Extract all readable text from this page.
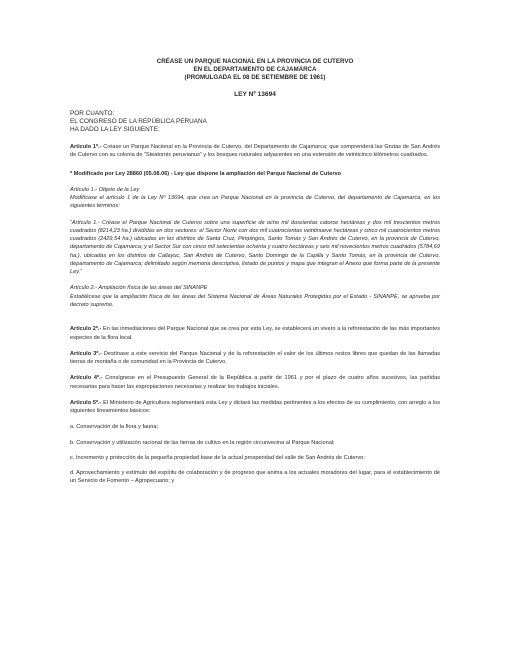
CRÉASE UN PARQUE NACIONAL EN LA PROVINCIA DE CUTERVO

EN EL DEPARTAMENTO DE CAJAMARCA

(PROMULGADA EL 08 DE SETIEMBRE DE 1961)

LEY Nº 13694
POR CUANTO:
EL CONGRESO DE LA REPÚBLICA PERUANA
HA DADO LA LEY SIGUIENTE:

Artículo 1º.- Créase un Parque Nacional en la Provincia de Cutervo, del Departamento de Cajamarca; que comprenderá las Grutas de San Andrés de Cutervo con su colonia de “Steatornis peruvianus” y los bosques naturales adyacentes en una extensión de veinticinco kilómetros cuadrados.

* Modificado por Ley 28860 (05.08.06) - Ley que dispone la ampliación del Parque Nacional de Cutervo

Artículo 1.- Objeto de la Ley

Modifícase el artículo 1 de la Ley Nº 13694, que crea un Parque Nacional en la provincia de Cutervo, del departamento de Cajamarca, en los siguientes términos:

“Artículo 1.- Créase el Parque Nacional de Cutervo sobre una superficie de ocho mil doscientas catorce hectáreas y dos mil trescientos metros cuadrados (8214,23 ha.) divididas en dos sectores: el Sector Norte con dos mil cuatrocientas veintinueve hectáreas y cinco mil cuatrocientos metros cuadrados (2429,54 ha.) ubicadas en los distritos de Santa Cruz, Pimpingos, Santo Tomás y San Andrés de Cutervo, en la provincia de Cutervo, departamento de Cajamarca; y el Sector Sur con cinco mil setecientas ochenta y cuatro hectáreas y seis mil novecientos metros cuadrados (5784,69 ha.), ubicadas en los distritos de Callayuc, San Andrés de Cutervo, Santo Domingo de la Capilla y Santo Tomás, en la provincia de Cutervo, departamento de Cajamarca; delimitado según memoria descriptiva, listado de puntos y mapa que integran el Anexo que forma parte de la presente Ley.”

Artículo 2.- Ampliación física de las áreas del SINANPE

Establécese que la ampliación física de las áreas del Sistema Nacional de Áreas Naturales Protegidas por el Estado - SINANPE, se aprueba por decreto supremo.

Artículo 2º.- En las inmediaciones del Parque Nacional que se crea por esta Ley, se establecerá un vivero a la reforestación de las más importantes especies de la flora local.

Artículo 3º.- Destínase a este servicio del Parque Nacional y de la reforestación el valor de los últimos restos libres que quedan de las llamadas tierras de montaña o de comunidad en la Provincia de Cutervo.

Artículo 4º.- Consígnese en el Presupuesto General de la República a partir de 1961 y por el plazo de cuatro años sucesivos, las partidas necesarias para hacer las expropiaciones necesarias y realizar los trabajos iniciales.

Artículo 5º.- El Ministerio de Agricultura reglamentará esta Ley y dictará las medidas pertinentes a los efectos de su cumplimiento, con arreglo a los siguientes lineamientos básicos:

a. Conservación de la flora y fauna;

b. Conservación y utilización racional de las tierras de cultivo en la región circunvecina al Parque Nacional;

c. Incremento y protección de la pequeña propiedad base de la actual prosperidad del valle de San Andrés de Cutervo;

d. Aprovechamiento y estímulo del espíritu de colaboración y de progreso que anima a los actuales moradores del lugar, para el establecimiento de un Servicio de Fomento – Agropecuario; y
